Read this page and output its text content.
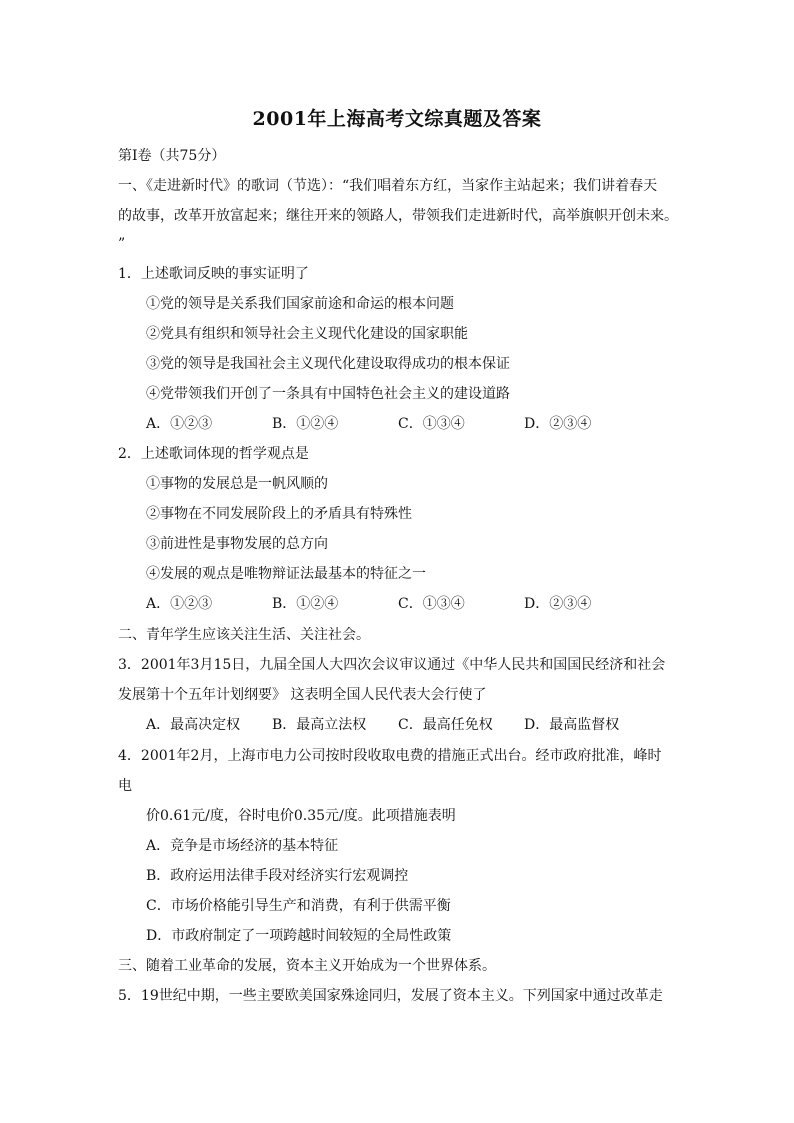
2001年上海高考文综真题及答案
第Ⅰ卷（共75分）
一、《走进新时代》的歌词（节选）：“我们唱着东方红，当家作主站起来；我们讲着春天
的故事，改革开放富起来；继往开来的领路人，带领我们走进新时代，高举旗帜开创未来。
”
1．上述歌词反映的事实证明了
①党的领导是关系我们国家前途和命运的根本问题
②党具有组织和领导社会主义现代化建设的国家职能
③党的领导是我国社会主义现代化建设取得成功的根本保证
④党带领我们开创了一条具有中国特色社会主义的建设道路
A．①②③	B．①②④	C．①③④	D．②③④
2．上述歌词体现的哲学观点是
①事物的发展总是一帆风顺的
②事物在不同发展阶段上的矛盾具有特殊性
③前进性是事物发展的总方向
④发展的观点是唯物辩证法最基本的特征之一
A．①②③	B．①②④	C．①③④	D．②③④
二、青年学生应该关注生活、关注社会。
3．2001年3月15日，九届全国人大四次会议审议通过《中华人民共和国国民经济和社会
发展第十个五年计划纲要》 这表明全国人民代表大会行使了
A．最高决定权 B．最高立法权 C．最高任免权 D．最高监督权
4．2001年2月，上海市电力公司按时段收取电费的措施正式出台。经市政府批准，峰时
电
价0.61元/度，谷时电价0.35元/度。此项措施表明
A．竞争是市场经济的基本特征
B．政府运用法律手段对经济实行宏观调控
C．市场价格能引导生产和消费，有利于供需平衡
D．市政府制定了一项跨越时间较短的全局性政策
三、随着工业革命的发展，资本主义开始成为一个世界体系。
5．19世纪中期，一些主要欧美国家殊途同归，发展了资本主义。下列国家中通过改革走
